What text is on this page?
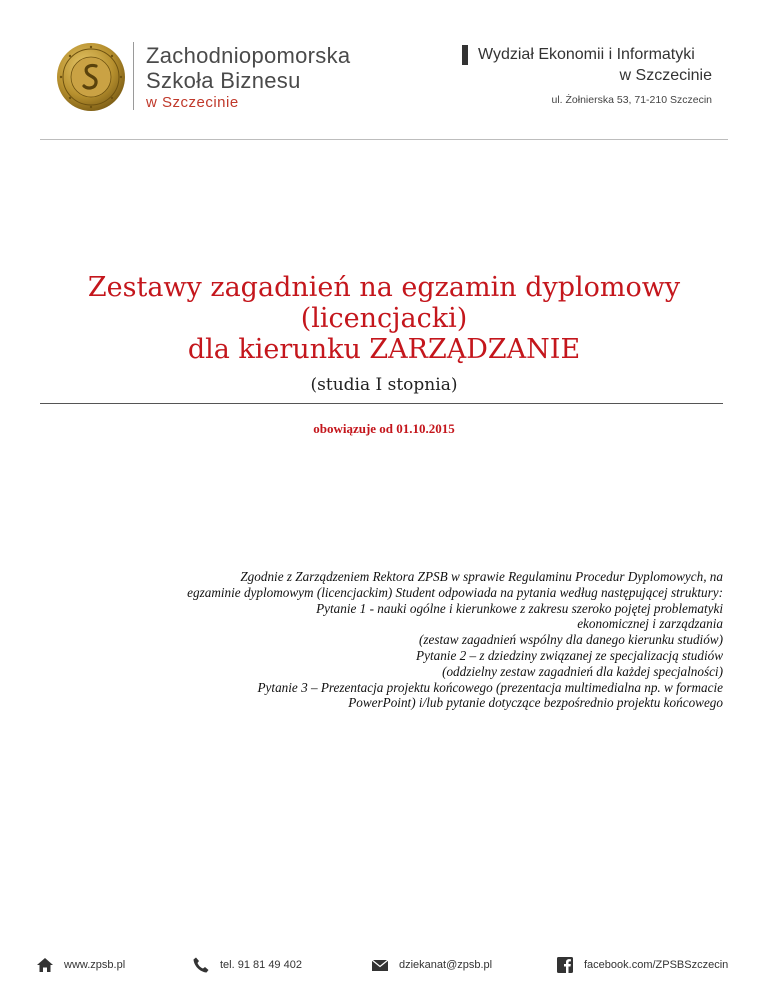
Zachodniopomorska
Szkoła Biznesu
w Szczecinie
Wydział Ekonomii i Informatyki
w Szczecinie
ul. Żołnierska 53, 71-210 Szczecin
Zestawy zagadnień na egzamin dyplomowy
(licencjacki)
dla kierunku ZARZĄDZANIE
(studia I stopnia)
obowiązuje od 01.10.2015
Zgodnie z Zarządzeniem Rektora ZPSB w sprawie Regulaminu Procedur Dyplomowych, na
egzaminie dyplomowym (licencjackim) Student odpowiada na pytania według następującej struktury:
Pytanie 1 - nauki ogólne i kierunkowe z zakresu szeroko pojętej problematyki
ekonomicznej i zarządzania
(zestaw zagadnień wspólny dla danego kierunku studiów)
Pytanie 2 – z dziedziny związanej ze specjalizacją studiów
(oddzielny zestaw zagadnień dla każdej specjalności)
Pytanie 3 – Prezentacja projektu końcowego (prezentacja multimedialna np. w formacie
PowerPoint) i/lub pytanie dotyczące bezpośrednio projektu końcowego
www.zpsb.pl	tel. 91 81 49 402	dziekanat@zpsb.pl	facebook.com/ZPSBSzczecin
